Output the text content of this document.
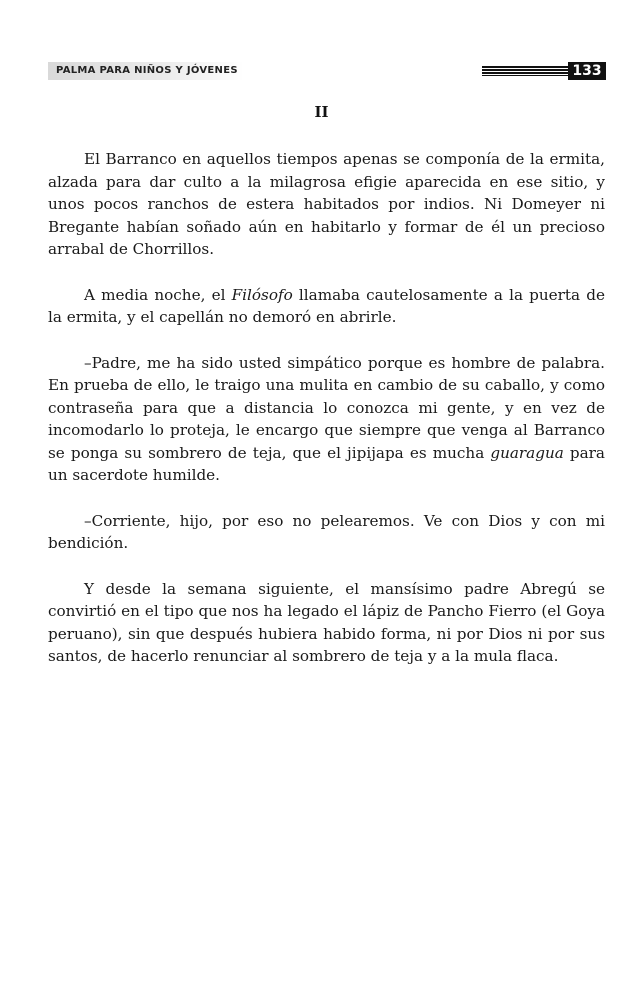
PALMA PARA NIÑOS Y JÓVENES	133
II

El Barranco en aquellos tiempos apenas se componía de la ermita, alzada para dar culto a la milagrosa efigie aparecida en ese sitio, y unos pocos ranchos de estera habitados por indios. Ni Domeyer ni Bregante habían soñado aún en habitarlo y formar de él un precioso arrabal de Chorrillos.

A media noche, el Filósofo llamaba cautelosamente a la puerta de la ermita, y el capellán no demoró en abrirle.

–Padre, me ha sido usted simpático porque es hombre de palabra. En prueba de ello, le traigo una mulita en cambio de su caballo, y como contraseña para que a distancia lo conozca mi gente, y en vez de incomodarlo lo proteja, le encargo que siempre que venga al Barranco se ponga su sombrero de teja, que el jipijapa es mucha guaragua para un sacerdote humilde.

–Corriente, hijo, por eso no pelearemos. Ve con Dios y con mi bendición.

Y desde la semana siguiente, el mansísimo padre Abregú se convirtió en el tipo que nos ha legado el lápiz de Pancho Fierro (el Goya peruano), sin que después hubiera habido forma, ni por Dios ni por sus santos, de hacerlo renunciar al sombrero de teja y a la mula flaca.
